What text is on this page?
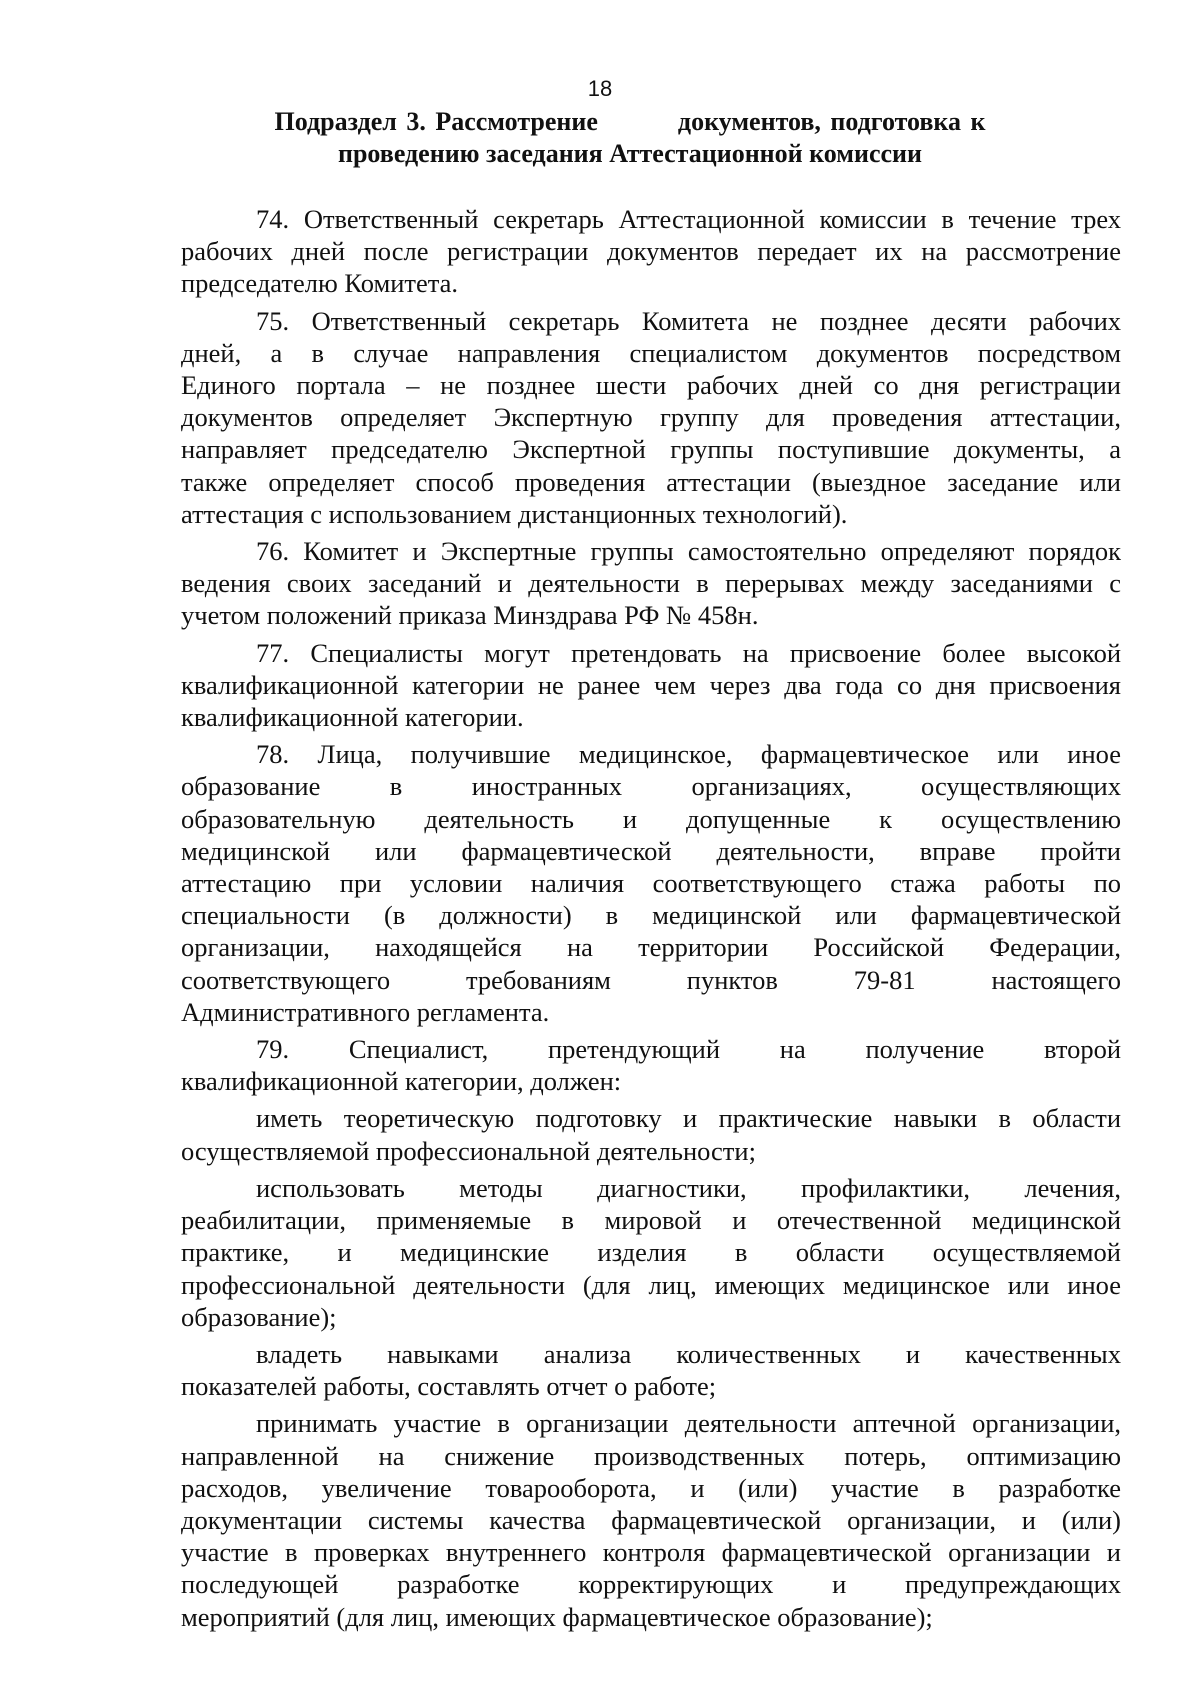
18
Подраздел 3. Рассмотрение	документов, подготовка к
проведению заседания Аттестационной комиссии
74. Ответственный секретарь Аттестационной комиссии в течение трех
рабочих дней после регистрации документов передает их на рассмотрение
председателю Комитета.
75. Ответственный секретарь Комитета не позднее десяти рабочих
дней, а в случае направления специалистом документов посредством
Единого портала – не позднее шести рабочих дней со дня регистрации
документов определяет Экспертную группу для проведения аттестации,
направляет председателю Экспертной группы поступившие документы, а
также определяет способ проведения аттестации (выездное заседание или
аттестация с использованием дистанционных технологий).
76. Комитет и Экспертные группы самостоятельно определяют порядок
ведения своих заседаний и деятельности в перерывах между заседаниями с
учетом положений приказа Минздрава РФ № 458н.
77. Специалисты могут претендовать на присвоение более высокой
квалификационной категории не ранее чем через два года со дня присвоения
квалификационной категории.
78. Лица, получившие медицинское, фармацевтическое или иное
образование в иностранных организациях, осуществляющих
образовательную деятельность и допущенные к осуществлению
медицинской или фармацевтической деятельности, вправе пройти
аттестацию при условии наличия соответствующего стажа работы по
специальности (в должности) в медицинской или фармацевтической
организации, находящейся на территории Российской Федерации,
соответствующего требованиям пунктов 79-81 настоящего
Административного регламента.
79. Специалист, претендующий на получение второй
квалификационной категории, должен:
иметь теоретическую подготовку и практические навыки в области
осуществляемой профессиональной деятельности;
использовать методы диагностики, профилактики, лечения,
реабилитации, применяемые в мировой и отечественной медицинской
практике, и медицинские изделия в области осуществляемой
профессиональной деятельности (для лиц, имеющих медицинское или иное
образование);
владеть навыками анализа количественных и качественных
показателей работы, составлять отчет о работе;
принимать участие в организации деятельности аптечной организации,
направленной на снижение производственных потерь, оптимизацию
расходов, увеличение товарооборота, и (или) участие в разработке
документации системы качества фармацевтической организации, и (или)
участие в проверках внутреннего контроля фармацевтической организации и
последующей разработке корректирующих и предупреждающих
мероприятий (для лиц, имеющих фармацевтическое образование);
